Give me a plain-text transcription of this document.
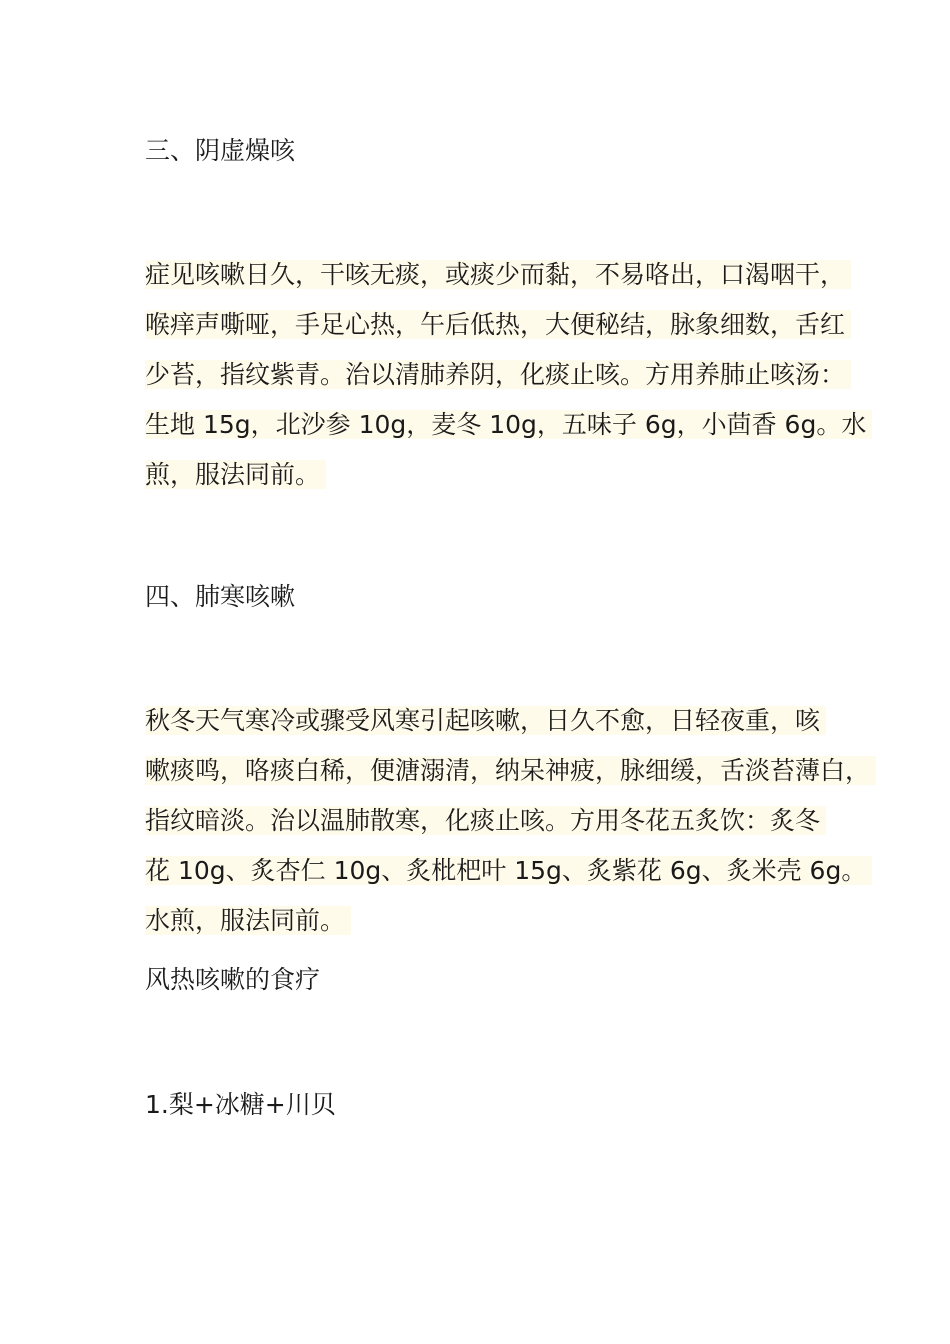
三、阴虚燥咳
症见咳嗽日久，干咳无痰，或痰少而黏，不易咯出，口渴咽干，
喉痒声嘶哑，手足心热，午后低热，大便秘结，脉象细数，舌红
少苔，指纹紫青。治以清肺养阴，化痰止咳。方用养肺止咳汤：
生地 15g，北沙参 10g，麦冬 10g，五味子 6g，小茴香 6g。水
煎，服法同前。
四、肺寒咳嗽
秋冬天气寒冷或骤受风寒引起咳嗽，日久不愈，日轻夜重，咳
嗽痰鸣，咯痰白稀，便溏溺清，纳呆神疲，脉细缓，舌淡苔薄白，
指纹暗淡。治以温肺散寒，化痰止咳。方用冬花五炙饮：炙冬
花 10g、炙杏仁 10g、炙枇杷叶 15g、炙紫花 6g、炙米壳 6g。
水煎，服法同前。
风热咳嗽的食疗
1.梨+冰糖+川贝
